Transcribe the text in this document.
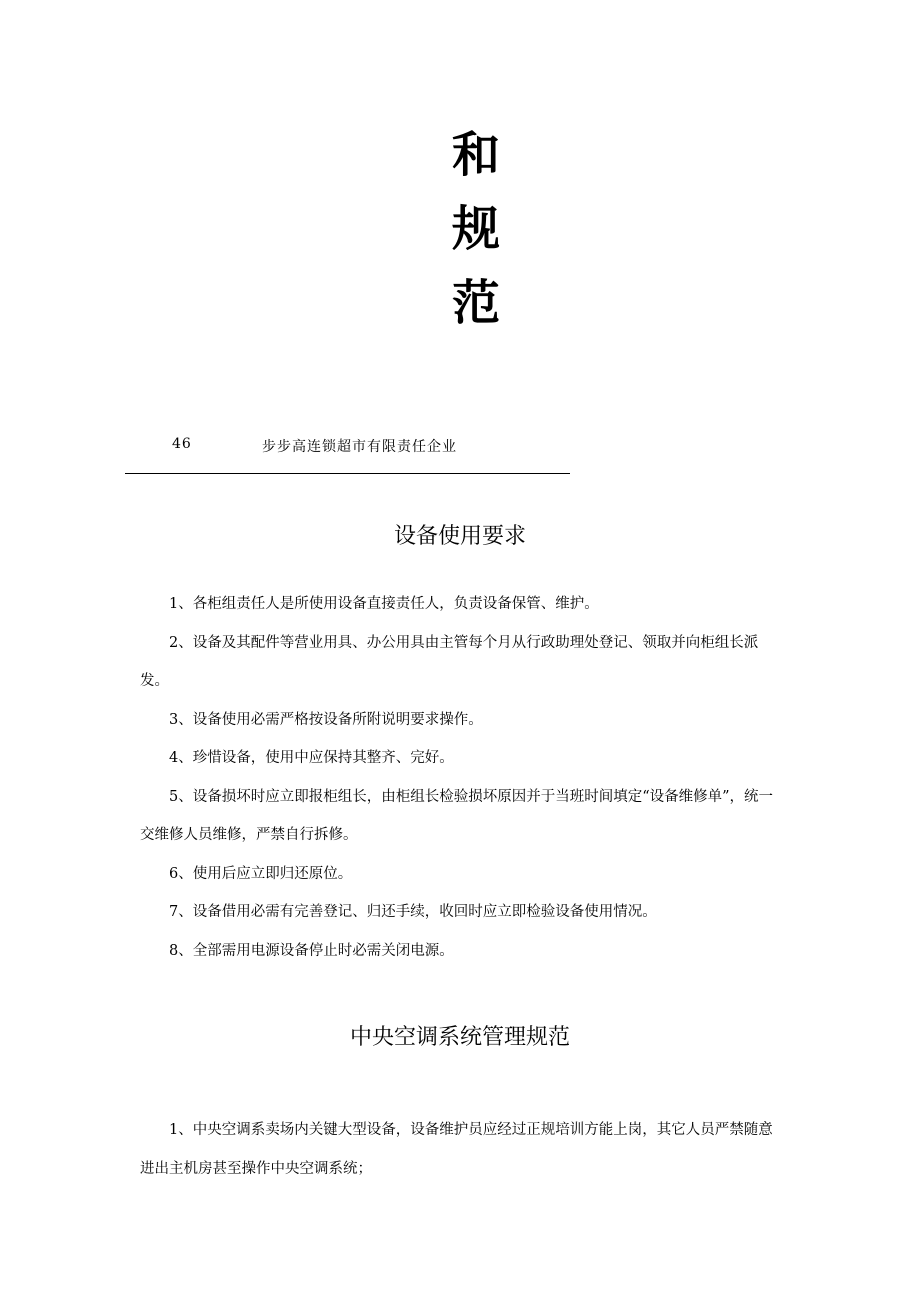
和
规
范
46	步步高连锁超市有限责任企业
设备使用要求

1、各柜组责任人是所使用设备直接责任人，负责设备保管、维护。

2、设备及其配件等营业用具、办公用具由主管每个月从行政助理处登记、领取并向柜组长派发。

3、设备使用必需严格按设备所附说明要求操作。

4、珍惜设备，使用中应保持其整齐、完好。

5、设备损坏时应立即报柜组长，由柜组长检验损坏原因并于当班时间填定“设备维修单”，统一交维修人员维修，严禁自行拆修。

6、使用后应立即归还原位。

7、设备借用必需有完善登记、归还手续，收回时应立即检验设备使用情况。

8、全部需用电源设备停止时必需关闭电源。

中央空调系统管理规范

1、中央空调系卖场内关键大型设备，设备维护员应经过正规培训方能上岗，其它人员严禁随意进出主机房甚至操作中央空调系统；
